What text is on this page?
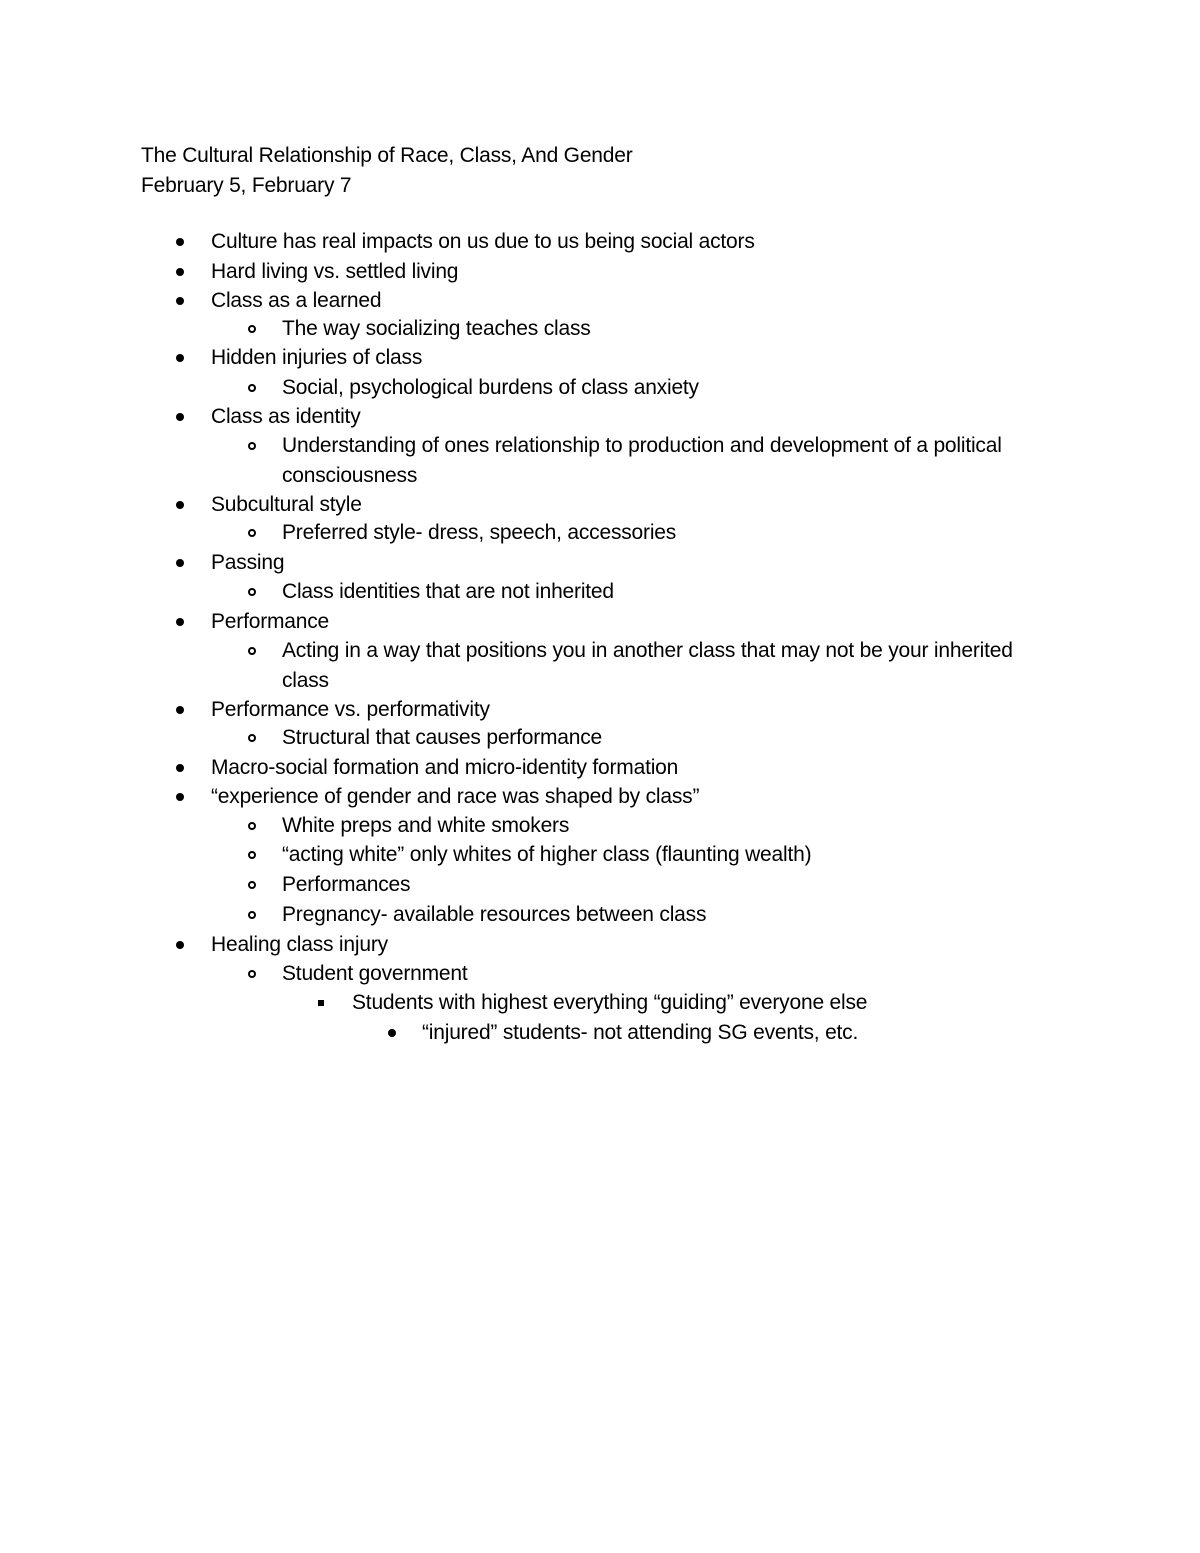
The Cultural Relationship of Race, Class, And Gender
February 5, February 7
Culture has real impacts on us due to us being social actors
Hard living vs. settled living
Class as a learned
The way socializing teaches class
Hidden injuries of class
Social, psychological burdens of class anxiety
Class as identity
Understanding of ones relationship to production and development of a political
consciousness
Subcultural style
Preferred style- dress, speech, accessories
Passing
Class identities that are not inherited
Performance
Acting in a way that positions you in another class that may not be your inherited
class
Performance vs. performativity
Structural that causes performance
Macro-social formation and micro-identity formation
“experience of gender and race was shaped by class”
White preps and white smokers
“acting white” only whites of higher class (flaunting wealth)
Performances
Pregnancy- available resources between class
Healing class injury
Student government
Students with highest everything “guiding” everyone else
“injured” students- not attending SG events, etc.
